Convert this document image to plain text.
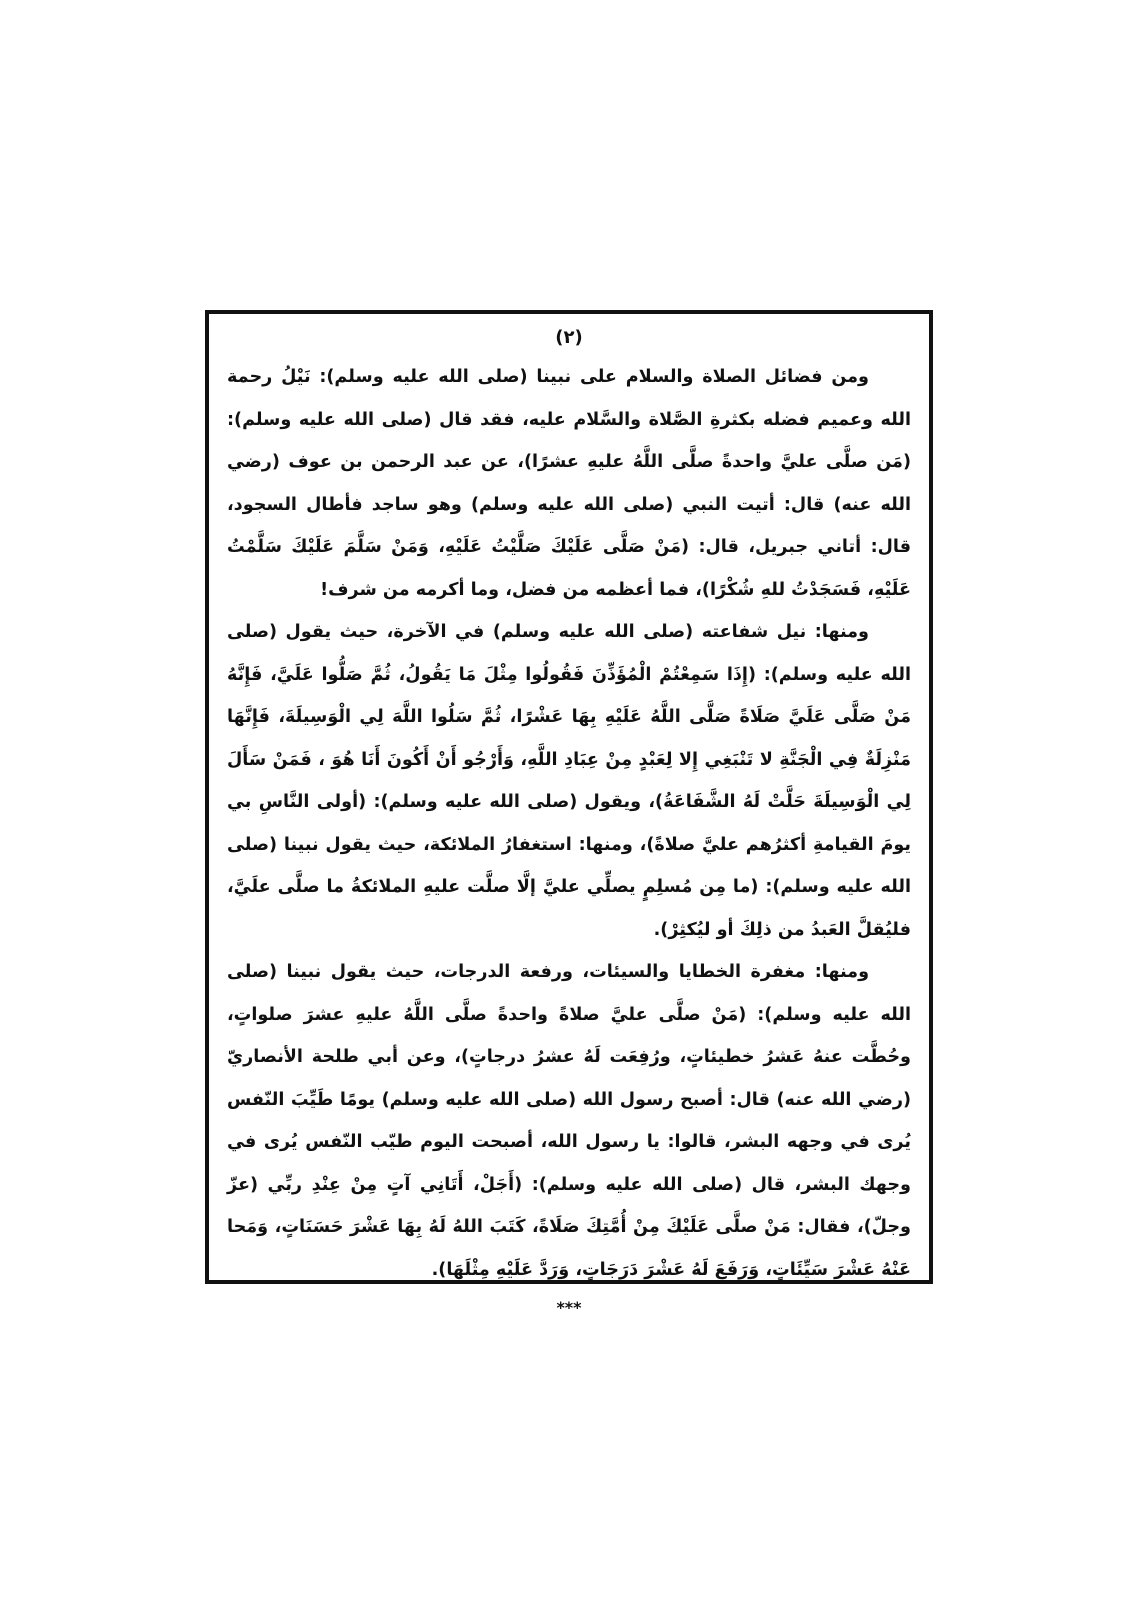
(٢)

ومن فضائل الصلاة والسلام على نبينا (صلى الله عليه وسلم): نَيْلُ رحمة الله وعميم فضله بكثرةِ الصَّلاة والسَّلام عليه، فقد قال (صلى الله عليه وسلم): (مَن صلَّى عليَّ واحدةً صلَّى اللَّهُ عليهِ عشرًا)، عن عبد الرحمن بن عوف (رضي الله عنه) قال: أتيت النبي (صلى الله عليه وسلم) وهو ساجد فأطال السجود، قال: أتاني جبريل، قال: (مَنْ صَلَّى عَلَيْكَ صَلَّيْتُ عَلَيْهِ، وَمَنْ سَلَّمَ عَلَيْكَ سَلَّمْتُ عَلَيْهِ، فَسَجَدْتُ للهِ شُكْرًا)، فما أعظمه من فضل، وما أكرمه من شرف!

ومنها: نيل شفاعته (صلى الله عليه وسلم) في الآخرة، حيث يقول (صلى الله عليه وسلم): (إِذَا سَمِعْتُمْ الْمُؤَذِّنَ فَقُولُوا مِثْلَ مَا يَقُولُ، ثُمَّ صَلُّوا عَلَيَّ، فَإِنَّهُ مَنْ صَلَّى عَلَيَّ صَلَاةً صَلَّى اللَّهُ عَلَيْهِ بِهَا عَشْرًا، ثُمَّ سَلُوا اللَّهَ لِي الْوَسِيلَةَ، فَإِنَّهَا مَنْزِلَةٌ فِي الْجَنَّةِ لا تَنْبَغِي إِلا لِعَبْدٍ مِنْ عِبَادِ اللَّهِ، وَأَرْجُو أَنْ أَكُونَ أَنَا هُوَ ، فَمَنْ سَأَلَ لِي الْوَسِيلَةَ حَلَّتْ لَهُ الشَّفَاعَةُ)، ويقول (صلى الله عليه وسلم): (أولى النَّاسِ بي يومَ القيامةِ أكثرُهم عليَّ صلاةً)، ومنها: استغفارُ الملائكة، حيث يقول نبينا (صلى الله عليه وسلم): (ما مِن مُسلِمٍ يصلِّي عليَّ إلَّا صلَّت عليهِ الملائكةُ ما صلَّى علَيَّ، فليُقلَّ العَبدُ من ذلِكَ أو ليُكثِرْ).

ومنها: مغفرة الخطايا والسيئات، ورفعة الدرجات، حيث يقول نبينا (صلى الله عليه وسلم): (مَنْ صلَّى عليَّ صلاةً واحدةً صلَّى اللَّهُ عليهِ عشرَ صلواتٍ، وحُطَّت عنهُ عَشرُ خطيئاتٍ، ورُفِعَت لَهُ عشرُ درجاتٍ)، وعن أبي طلحة الأنصاريّ (رضي الله عنه) قال: أصبح رسول الله (صلى الله عليه وسلم) يومًا طَيِّبَ النّفس يُرى في وجهه البشر، قالوا: يا رسول الله، أصبحت اليوم طيّب النّفس يُرى في وجهك البشر، قال (صلى الله عليه وسلم): (أَجَلْ، أَتَانِي آتٍ مِنْ عِنْدِ ربِّي (عزّ وجلّ)، فقال: مَنْ صلَّى عَلَيْكَ مِنْ أُمَّتِكَ صَلَاةً، كَتَبَ اللهُ لَهُ بِهَا عَشْرَ حَسَنَاتٍ، وَمَحا عَنْهُ عَشْرَ سَيِّئَاتٍ، وَرَفَعَ لَهُ عَشْرَ دَرَجَاتٍ، وَرَدَّ عَلَيْهِ مِثْلَهَا).

***
